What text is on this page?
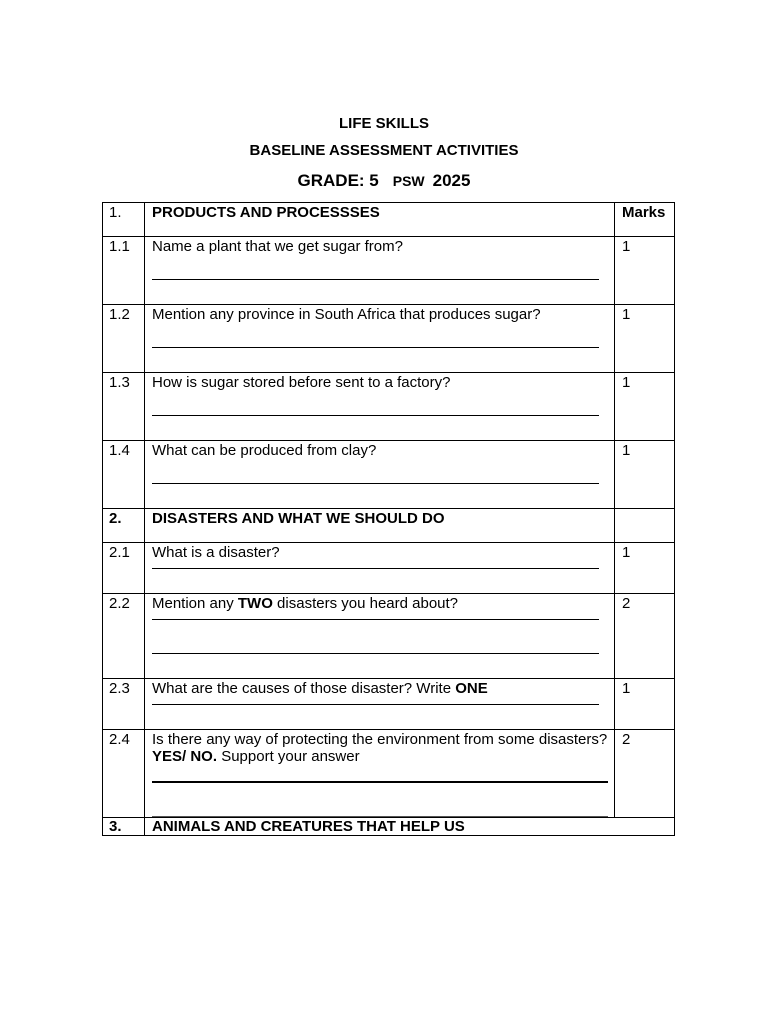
LIFE SKILLS
BASELINE ASSESSMENT ACTIVITIES
GRADE: 5 PSW 2025
1.	PRODUCTS AND PROCESSSES	Marks
1.1	Name a plant that we get sugar from?	1
1.2	Mention any province in South Africa that produces sugar?	1
1.3	How is sugar stored before sent to a factory?	1
1.4	What can be produced from clay?	1
2.	DISASTERS AND WHAT WE SHOULD DO	
2.1	What is a disaster?	1
2.2	Mention any TWO disasters you heard about?	2
2.3	What are the causes of those disaster? Write ONE	1
2.4	Is there any way of protecting the environment from some disasters? YES/ NO. Support your answer	2
3.	ANIMALS AND CREATURES THAT HELP US	
